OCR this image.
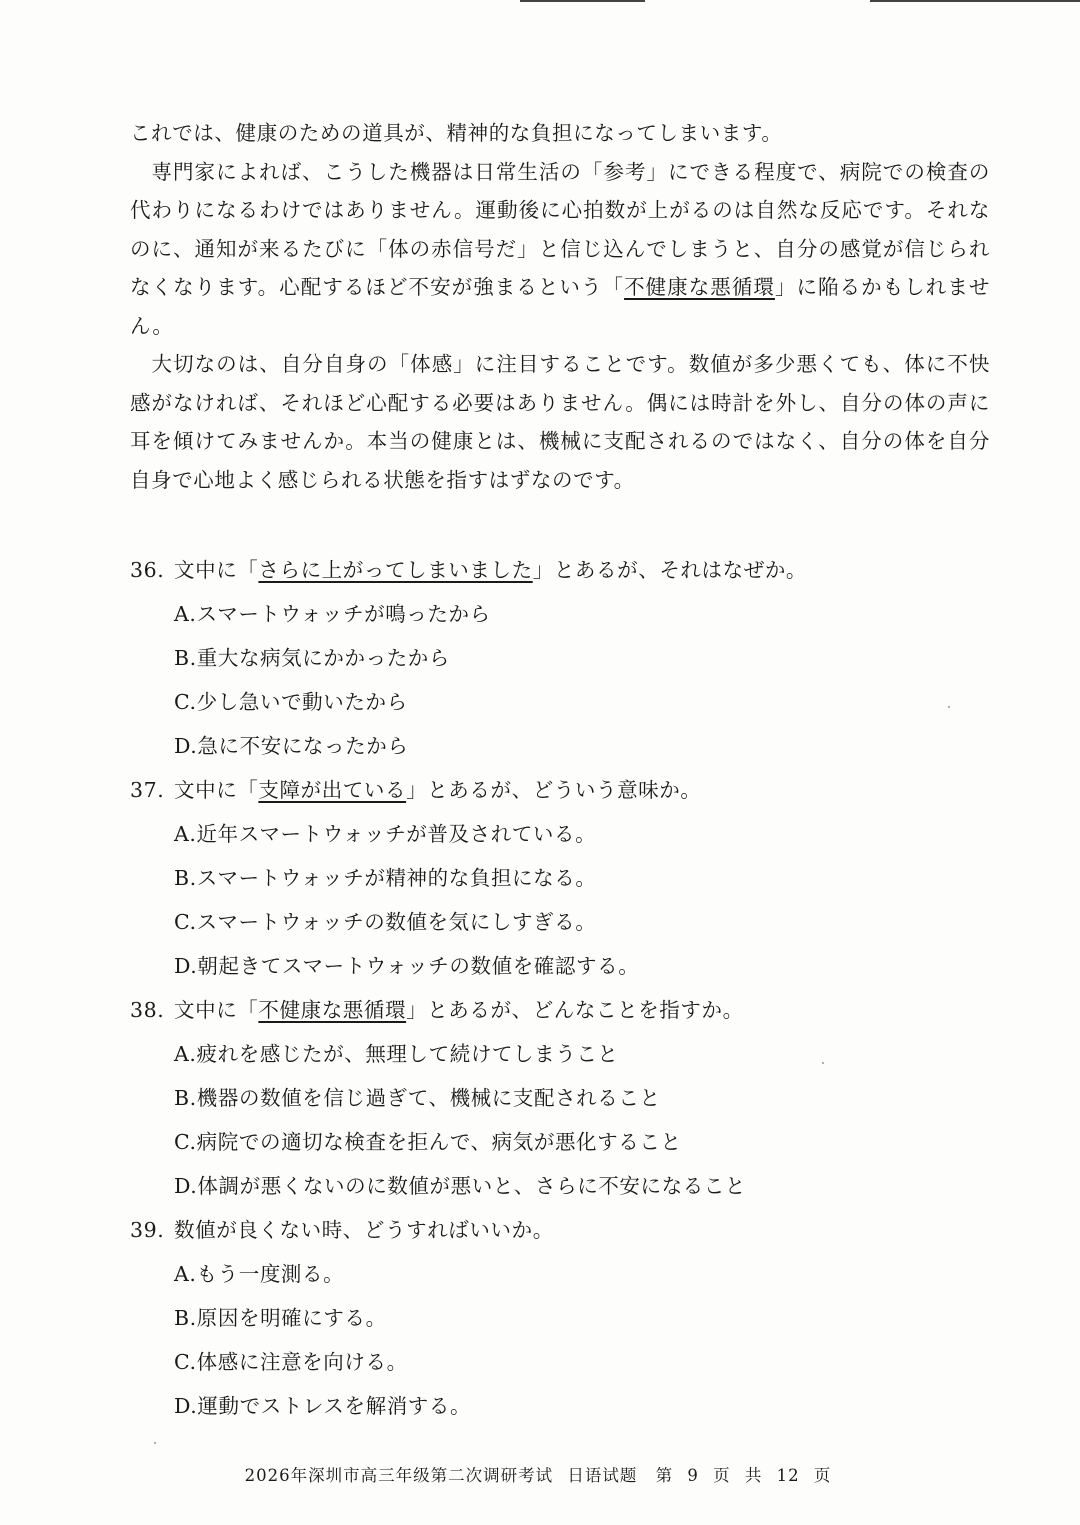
これでは、健康のための道具が、精神的な負担になってしまいます。

専門家によれば、こうした機器は日常生活の「参考」にできる程度で、病院での検査の代わりになるわけではありません。運動後に心拍数が上がるのは自然な反応です。それなのに、通知が来るたびに「体の赤信号だ」と信じ込んでしまうと、自分の感覚が信じられなくなります。心配するほど不安が強まるという「不健康な悪循環」に陥るかもしれません。

大切なのは、自分自身の「体感」に注目することです。数値が多少悪くても、体に不快感がなければ、それほど心配する必要はありません。偶には時計を外し、自分の体の声に耳を傾けてみませんか。本当の健康とは、機械に支配されるのではなく、自分の体を自分自身で心地よく感じられる状態を指すはずなのです。

36. 文中に「さらに上がってしまいました」とあるが、それはなぜか。
A.スマートウォッチが鳴ったから
B.重大な病気にかかったから
C.少し急いで動いたから
D.急に不安になったから
37. 文中に「支障が出ている」とあるが、どういう意味か。
A.近年スマートウォッチが普及されている。
B.スマートウォッチが精神的な負担になる。
C.スマートウォッチの数値を気にしすぎる。
D.朝起きてスマートウォッチの数値を確認する。
38. 文中に「不健康な悪循環」とあるが、どんなことを指すか。
A.疲れを感じたが、無理して続けてしまうこと
B.機器の数値を信じ過ぎて、機械に支配されること
C.病院での適切な検査を拒んで、病気が悪化すること
D.体調が悪くないのに数値が悪いと、さらに不安になること
39. 数値が良くない時、どうすればいいか。
A.もう一度測る。
B.原因を明確にする。
C.体感に注意を向ける。
D.運動でストレスを解消する。
2026年深圳市高三年级第二次调研考试 日语试题 第 9 页 共 12 页
